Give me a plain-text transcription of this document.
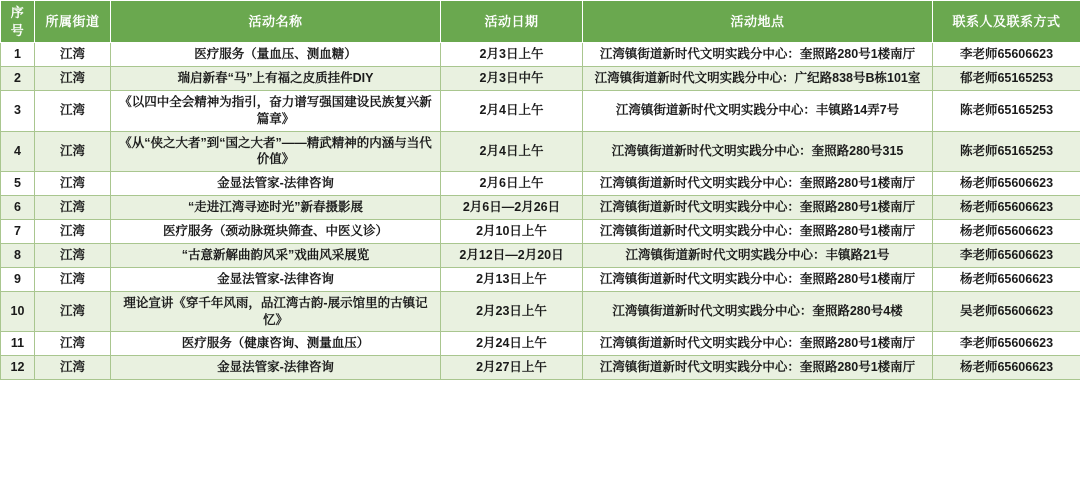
序号	所属街道	活动名称	活动日期	活动地点	联系人及联系方式
1	江湾	医疗服务（量血压、测血糖）	2月3日上午	江湾镇街道新时代文明实践分中心：奎照路280号1楼南厅	李老师65606623
2	江湾	瑞启新春“马”上有福之皮质挂件DIY	2月3日中午	江湾镇街道新时代文明实践分中心：广纪路838号B栋101室	郁老师65165253
3	江湾	《以四中全会精神为指引，奋力谱写强国建设民族复兴新篇章》	2月4日上午	江湾镇街道新时代文明实践分中心：丰镇路14弄7号	陈老师65165253
4	江湾	《从“侠之大者”到“国之大者”——精武精神的内涵与当代价值》	2月4日上午	江湾镇街道新时代文明实践分中心：奎照路280号315	陈老师65165253
5	江湾	金显法管家-法律咨询	2月6日上午	江湾镇街道新时代文明实践分中心：奎照路280号1楼南厅	杨老师65606623
6	江湾	“走进江湾寻迹时光”新春摄影展	2月6日—2月26日	江湾镇街道新时代文明实践分中心：奎照路280号1楼南厅	杨老师65606623
7	江湾	医疗服务（颈动脉斑块筛查、中医义诊）	2月10日上午	江湾镇街道新时代文明实践分中心：奎照路280号1楼南厅	杨老师65606623
8	江湾	“古意新解曲韵风采”戏曲风采展览	2月12日—2月20日	江湾镇街道新时代文明实践分中心：丰镇路21号	李老师65606623
9	江湾	金显法管家-法律咨询	2月13日上午	江湾镇街道新时代文明实践分中心：奎照路280号1楼南厅	杨老师65606623
10	江湾	理论宣讲《穿千年风雨，品江湾古韵-展示馆里的古镇记忆》	2月23日上午	江湾镇街道新时代文明实践分中心：奎照路280号4楼	吴老师65606623
11	江湾	医疗服务（健康咨询、测量血压）	2月24日上午	江湾镇街道新时代文明实践分中心：奎照路280号1楼南厅	李老师65606623
12	江湾	金显法管家-法律咨询	2月27日上午	江湾镇街道新时代文明实践分中心：奎照路280号1楼南厅	杨老师65606623
